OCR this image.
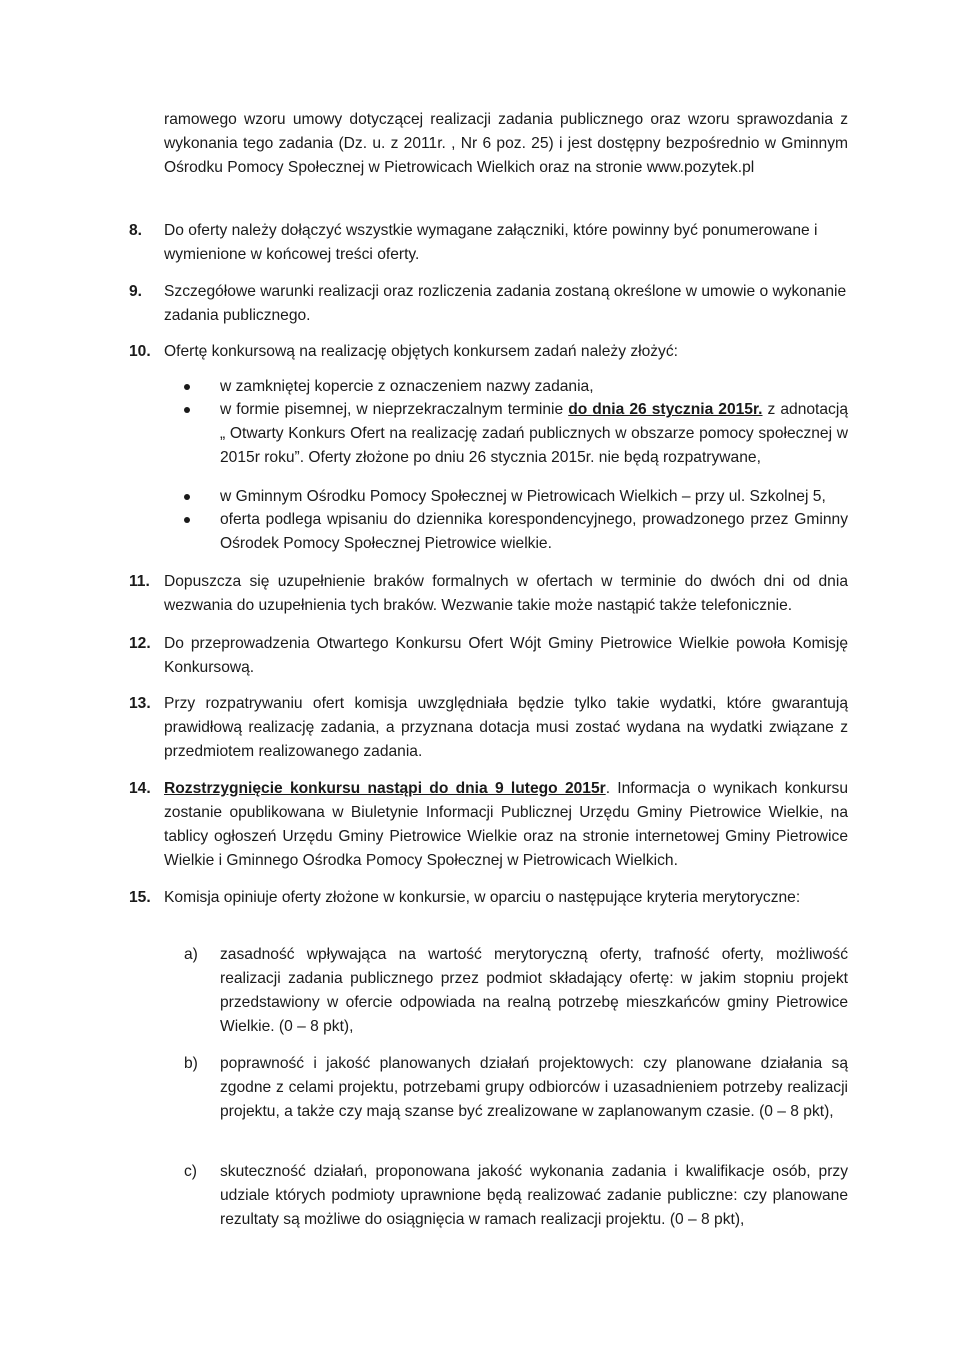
ramowego wzoru umowy dotyczącej realizacji zadania publicznego oraz wzoru sprawozdania z wykonania tego zadania (Dz. u. z 2011r. , Nr 6 poz. 25) i jest dostępny bezpośrednio w Gminnym Ośrodku Pomocy Społecznej w Pietrowicach Wielkich oraz na stronie www.pozytek.pl

8.	Do oferty należy dołączyć wszystkie wymagane załączniki, które powinny być ponumerowane i wymienione w końcowej treści oferty.

9.	Szczegółowe warunki realizacji oraz rozliczenia zadania zostaną określone w umowie o wykonanie zadania publicznego.

10. Ofertę konkursową na realizację objętych konkursem zadań należy złożyć:

w zamkniętej kopercie z oznaczeniem nazwy zadania,

w formie pisemnej, w nieprzekraczalnym terminie do dnia 26 stycznia 2015r. z adnotacją „ Otwarty Konkurs Ofert na realizację zadań publicznych w obszarze pomocy społecznej w 2015r roku”. Oferty złożone po dniu 26 stycznia 2015r. nie będą rozpatrywane,

w Gminnym Ośrodku Pomocy Społecznej w Pietrowicach Wielkich – przy ul. Szkolnej 5,

oferta podlega wpisaniu do dziennika korespondencyjnego, prowadzonego przez Gminny Ośrodek Pomocy Społecznej Pietrowice wielkie.

11. Dopuszcza się uzupełnienie braków formalnych w ofertach w terminie do dwóch dni od dnia wezwania do uzupełnienia tych braków. Wezwanie takie może nastąpić także telefonicznie.

12. Do przeprowadzenia Otwartego Konkursu Ofert Wójt Gminy Pietrowice Wielkie powoła Komisję Konkursową.

13. Przy rozpatrywaniu ofert komisja uwzględniała będzie tylko takie wydatki, które gwarantują prawidłową realizację zadania, a przyznana dotacja musi zostać wydana na wydatki związane z przedmiotem realizowanego zadania.

14. Rozstrzygnięcie konkursu nastąpi do dnia 9 lutego 2015r. Informacja o wynikach konkursu zostanie opublikowana w Biuletynie Informacji Publicznej Urzędu Gminy Pietrowice Wielkie, na tablicy ogłoszeń Urzędu Gminy Pietrowice Wielkie oraz na stronie internetowej Gminy Pietrowice Wielkie i Gminnego Ośrodka Pomocy Społecznej w Pietrowicach Wielkich.

15. Komisja opiniuje oferty złożone w konkursie, w oparciu o następujące kryteria merytoryczne:

a) zasadność wpływająca na wartość merytoryczną oferty, trafność oferty, możliwość realizacji zadania publicznego przez podmiot składający ofertę: w jakim stopniu projekt przedstawiony w ofercie odpowiada na realną potrzebę mieszkańców gminy Pietrowice Wielkie. (0 – 8 pkt),

b) poprawność i jakość planowanych działań projektowych: czy planowane działania są zgodne z celami projektu, potrzebami grupy odbiorców i uzasadnieniem potrzeby realizacji projektu, a także czy mają szanse być zrealizowane w zaplanowanym czasie. (0 – 8 pkt),

c) skuteczność działań, proponowana jakość wykonania zadania i kwalifikacje osób, przy udziale których podmioty uprawnione będą realizować zadanie publiczne: czy planowane rezultaty są możliwe do osiągnięcia w ramach realizacji projektu. (0 – 8 pkt),
